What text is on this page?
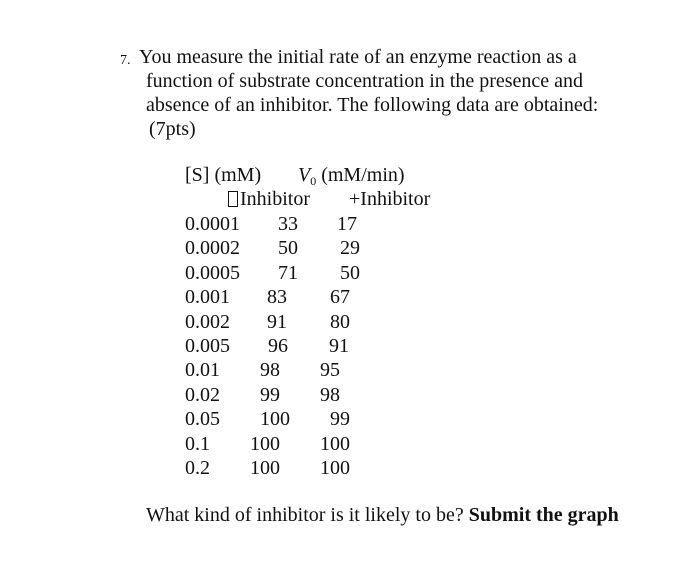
7. You measure the initial rate of an enzyme reaction as a
function of substrate concentration in the presence and
absence of an inhibitor. The following data are obtained:
(7pts)
[S] (mM) $V_0$ (mM/min)
Inhibitor +Inhibitor
0.0001 33 17
0.0002 50 29
0.0005 71 50
0.001 83 67
0.002 91 80
0.005 96 91
0.01 98 95
0.02 99 98
0.05 100 99
0.1 100 100
0.2 100 100
What kind of inhibitor is it likely to be? Submit the graph
